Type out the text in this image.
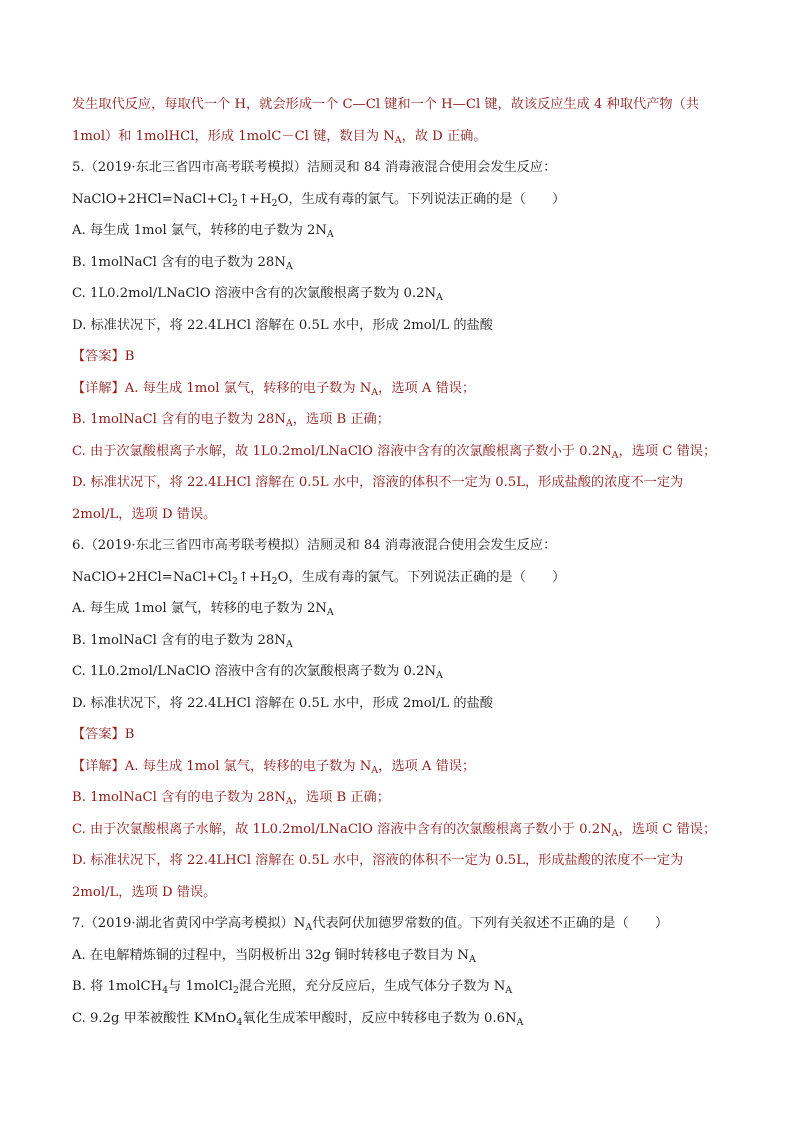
发生取代反应，每取代一个 H，就会形成一个 C—Cl 键和一个 H—Cl 键，故该反应生成 4 种取代产物（共
1mol）和 1molHCl，形成 1molC－Cl 键，数目为 $N_A$，故 D 正确。
5.（2019·东北三省四市高考联考模拟）洁厕灵和 84 消毒液混合使用会发生反应：
$NaClO+2HCl=NaCl+Cl_2↑+H_2O$，生成有毒的氯气。下列说法正确的是（　　）
A. 每生成 1mol 氯气，转移的电子数为 $2N_A$
B. 1molNaCl 含有的电子数为 $28N_A$
C. 1L0.2mol/LNaClO 溶液中含有的次氯酸根离子数为 $0.2N_A$
D. 标准状况下，将 22.4LHCl 溶解在 0.5L 水中，形成 2mol/L 的盐酸
【答案】B
【详解】A. 每生成 1mol 氯气，转移的电子数为 $N_A$，选项 A 错误；
B. 1molNaCl 含有的电子数为 $28N_A$，选项 B 正确；
C. 由于次氯酸根离子水解，故 1L0.2mol/LNaClO 溶液中含有的次氯酸根离子数小于 $0.2N_A$，选项 C 错误；
D. 标准状况下，将 22.4LHCl 溶解在 0.5L 水中，溶液的体积不一定为 0.5L，形成盐酸的浓度不一定为
2mol/L，选项 D 错误。
6.（2019·东北三省四市高考联考模拟）洁厕灵和 84 消毒液混合使用会发生反应：
$NaClO+2HCl=NaCl+Cl_2↑+H_2O$，生成有毒的氯气。下列说法正确的是（　　）
A. 每生成 1mol 氯气，转移的电子数为 $2N_A$
B. 1molNaCl 含有的电子数为 $28N_A$
C. 1L0.2mol/LNaClO 溶液中含有的次氯酸根离子数为 $0.2N_A$
D. 标准状况下，将 22.4LHCl 溶解在 0.5L 水中，形成 2mol/L 的盐酸
【答案】B
【详解】A. 每生成 1mol 氯气，转移的电子数为 $N_A$，选项 A 错误；
B. 1molNaCl 含有的电子数为 $28N_A$，选项 B 正确；
C. 由于次氯酸根离子水解，故 1L0.2mol/LNaClO 溶液中含有的次氯酸根离子数小于 $0.2N_A$，选项 C 错误；
D. 标准状况下，将 22.4LHCl 溶解在 0.5L 水中，溶液的体积不一定为 0.5L，形成盐酸的浓度不一定为
2mol/L，选项 D 错误。
7.（2019·湖北省黄冈中学高考模拟）$N_A$代表阿伏加德罗常数的值。下列有关叙述不正确的是（　　）
A. 在电解精炼铜的过程中，当阴极析出 32g 铜时转移电子数目为 $N_A$
B. 将 1molCH$_4$与 1molCl$_2$混合光照，充分反应后，生成气体分子数为 $N_A$
C. 9.2g 甲苯被酸性 KMnO$_4$氧化生成苯甲酸时，反应中转移电子数为 $0.6N_A$
